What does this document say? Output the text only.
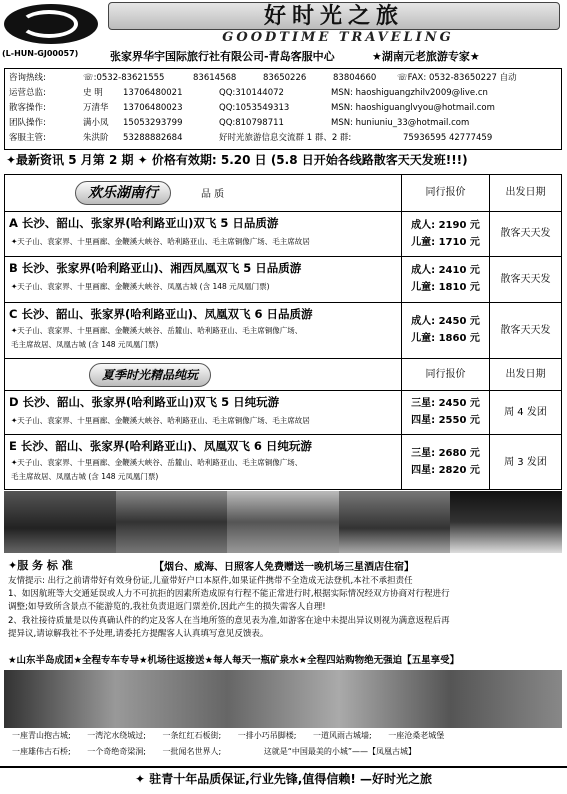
好时光之旅
GOODTIME TRAVELING
(L-HUN-GJ00057)	张家界华宇国际旅行社有限公司-青岛客服中心	★湖南元老旅游专家★
咨询热线:	☏:0532-83621555	83614568	83650226	83804660 ☏FAX: 0532-83650227 自动
运营总监:	史 明 13706480021	QQ:310144072	MSN: haoshiguangzhilv2009@live.cn
散客操作:	万清华 13706480023	QQ:1053549313	MSN: haoshiguanglvyou@hotmail.com
团队操作:	满小凤 15053293799	QQ:810798711	MSN: huniuniu_33@hotmail.com
客服主管:	朱洪阶 53288882684	好时光旅游信息交流群 1 群、2 群:	75936595 42777459
✦最新资讯 5 月第 2 期 ✦ 价格有效期: 5.20 日 (5.8 日开始各线路散客天天发班!!!)
欢乐湖南行	品 质	同行报价	出发日期
A 长沙、韶山、张家界(哈利路亚山)双飞 5 日品质游
✦天子山、袁家界、十里画廊、金鞭溪大峡谷、哈利路亚山、毛主席铜像广场、毛主席故居
成人: 2190 元
儿童: 1710 元
散客天天发
B 长沙、张家界(哈利路亚山)、湘西凤凰双飞 5 日品质游
✦天子山、袁家界、十里画廊、金鞭溪大峡谷、凤凰古城 (含 148 元凤凰门票)
成人: 2410 元
儿童: 1810 元
散客天天发
C 长沙、韶山、张家界(哈利路亚山)、凤凰双飞 6 日品质游
✦天子山、袁家界、十里画廊、金鞭溪大峡谷、岳麓山、哈利路亚山、毛主席铜像广场、
毛主席故居、凤凰古城 (含 148 元凤凰门票)
成人: 2450 元
儿童: 1860 元
散客天天发
夏季时光精品纯玩	同行报价	出发日期
D 长沙、韶山、张家界(哈利路亚山)双飞 5 日纯玩游
✦天子山、袁家界、十里画廊、金鞭溪大峡谷、哈利路亚山、毛主席铜像广场、毛主席故居
三星: 2450 元
四星: 2550 元
周 4 发团
E 长沙、韶山、张家界(哈利路亚山)、凤凰双飞 6 日纯玩游
✦天子山、袁家界、十里画廊、金鞭溪大峡谷、岳麓山、哈利路亚山、毛主席铜像广场、
毛主席故居、凤凰古城 (含 148 元凤凰门票)
三星: 2680 元
四星: 2820 元
周 3 发团
✦服 务 标 准	【烟台、威海、日照客人免费赠送一晚机场三星酒店住宿】
友情提示: 出行之前请带好有效身份证,儿童带好户口本原件,如果证件携带不全造成无法登机,本社不承担责任
1、如因航班等大交通延误或人力不可抗拒的因素所造成原有行程不能正常进行时,根据实际情况经双方协商对行程进行
调整;如导致所含景点不能游览的,我社负责退返门票差价,因此产生的损失需客人自理!
2、我社接待质量是以传真确认件的约定及客人在当地所签的意见表为准,如游客在途中未提出异议则视为满意返程后再
提异议,请谅解我社不予处理,请委托方提醒客人认真填写意见反馈表。
★山东半岛成团★全程专车专导★机场往返接送★每人每天一瓶矿泉水★全程四站购物绝无强迫【五星享受】
一座青山抱古城; 一湾沱水绕城过; 一条红红石板街; 一排小巧吊脚楼; 一道风雨古城墙; 一座沧桑老城堡
一座雄伟古石桥; 一个奇绝奇梁洞; 一批闻名世界人;	这就是“中国最美的小城”——【凤凰古城】
✦ 驻青十年品质保证,行业先锋,值得信赖! —好时光之旅
